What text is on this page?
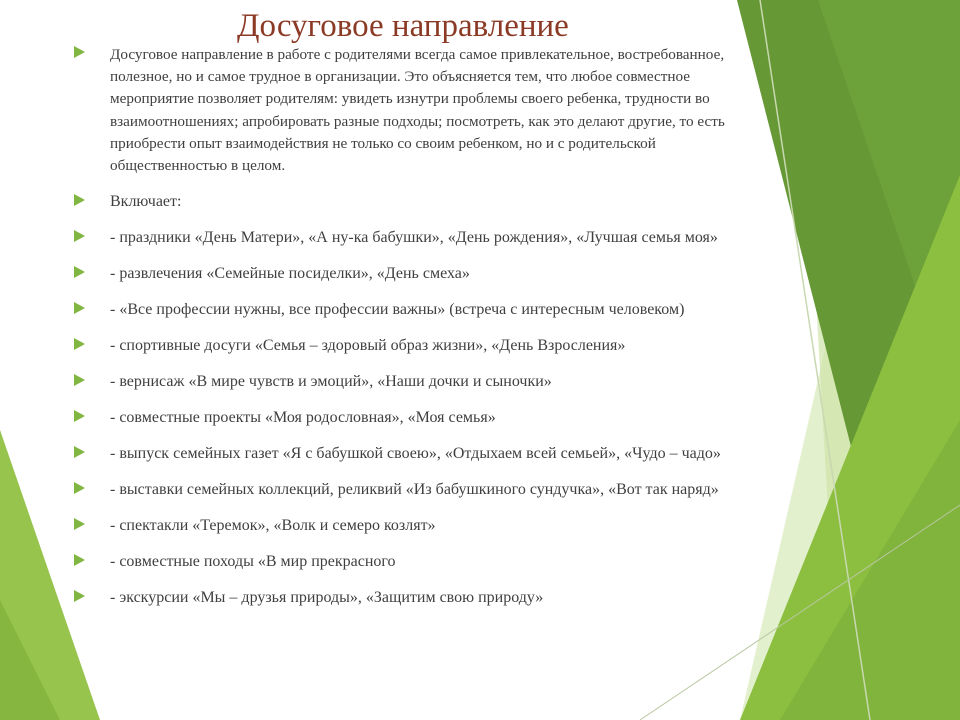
Досуговое направление
Досуговое направление в работе с родителями всегда самое привлекательное, востребованное, полезное, но и самое трудное в организации. Это объясняется тем, что любое совместное мероприятие позволяет родителям: увидеть изнутри проблемы своего ребенка, трудности во взаимоотношениях; апробировать разные подходы; посмотреть, как это делают другие, то есть приобрести опыт взаимодействия не только со своим ребенком, но и с родительской общественностью в целом.
Включает:
- праздники «День Матери», «А ну-ка бабушки», «День рождения», «Лучшая семья моя»
- развлечения «Семейные посиделки», «День смеха»
- «Все профессии нужны, все профессии важны» (встреча с интересным человеком)
- спортивные досуги «Семья – здоровый образ жизни», «День Взросления»
- вернисаж «В мире чувств и эмоций», «Наши дочки и сыночки»
- совместные проекты «Моя родословная», «Моя семья»
- выпуск семейных газет «Я с бабушкой своею», «Отдыхаем всей семьей», «Чудо – чадо»
- выставки семейных коллекций, реликвий «Из бабушкиного сундучка», «Вот так наряд»
- спектакли «Теремок», «Волк и семеро козлят»
- совместные походы «В мир прекрасного
- экскурсии «Мы – друзья природы», «Защитим свою природу»
